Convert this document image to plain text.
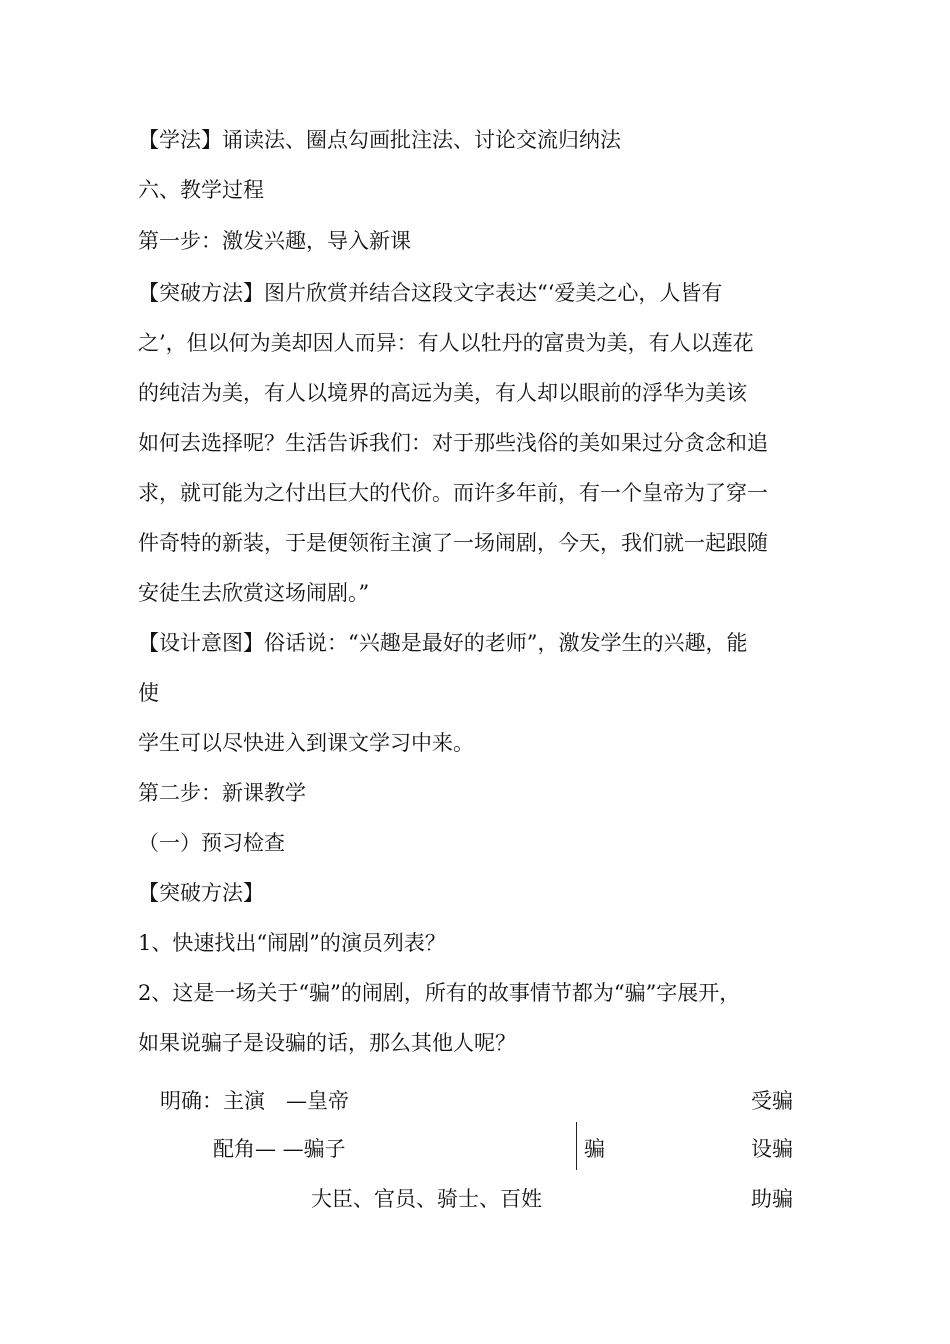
【学法】诵读法、圈点勾画批注法、讨论交流归纳法
六、教学过程
第一步：激发兴趣，导入新课
【突破方法】图片欣赏并结合这段文字表达“‘爱美之心，人皆有
之’，但以何为美却因人而异：有人以牡丹的富贵为美，有人以莲花
的纯洁为美，有人以境界的高远为美，有人却以眼前的浮华为美该
如何去选择呢？生活告诉我们：对于那些浅俗的美如果过分贪念和追
求，就可能为之付出巨大的代价。而许多年前，有一个皇帝为了穿一
件奇特的新装，于是便领衔主演了一场闹剧，今天，我们就一起跟随
安徒生去欣赏这场闹剧。”
【设计意图】俗话说：“兴趣是最好的老师”，激发学生的兴趣，能
使
学生可以尽快进入到课文学习中来。
第二步：新课教学
（一）预习检查
【突破方法】
1、快速找出“闹剧”的演员列表？
2、这是一场关于“骗”的闹剧，所有的故事情节都为“骗”字展开，
如果说骗子是设骗的话，那么其他人呢？
明确：主演　—皇帝	受骗
配角— —骗子	骗	设骗
大臣、官员、骑士、百姓	助骗
